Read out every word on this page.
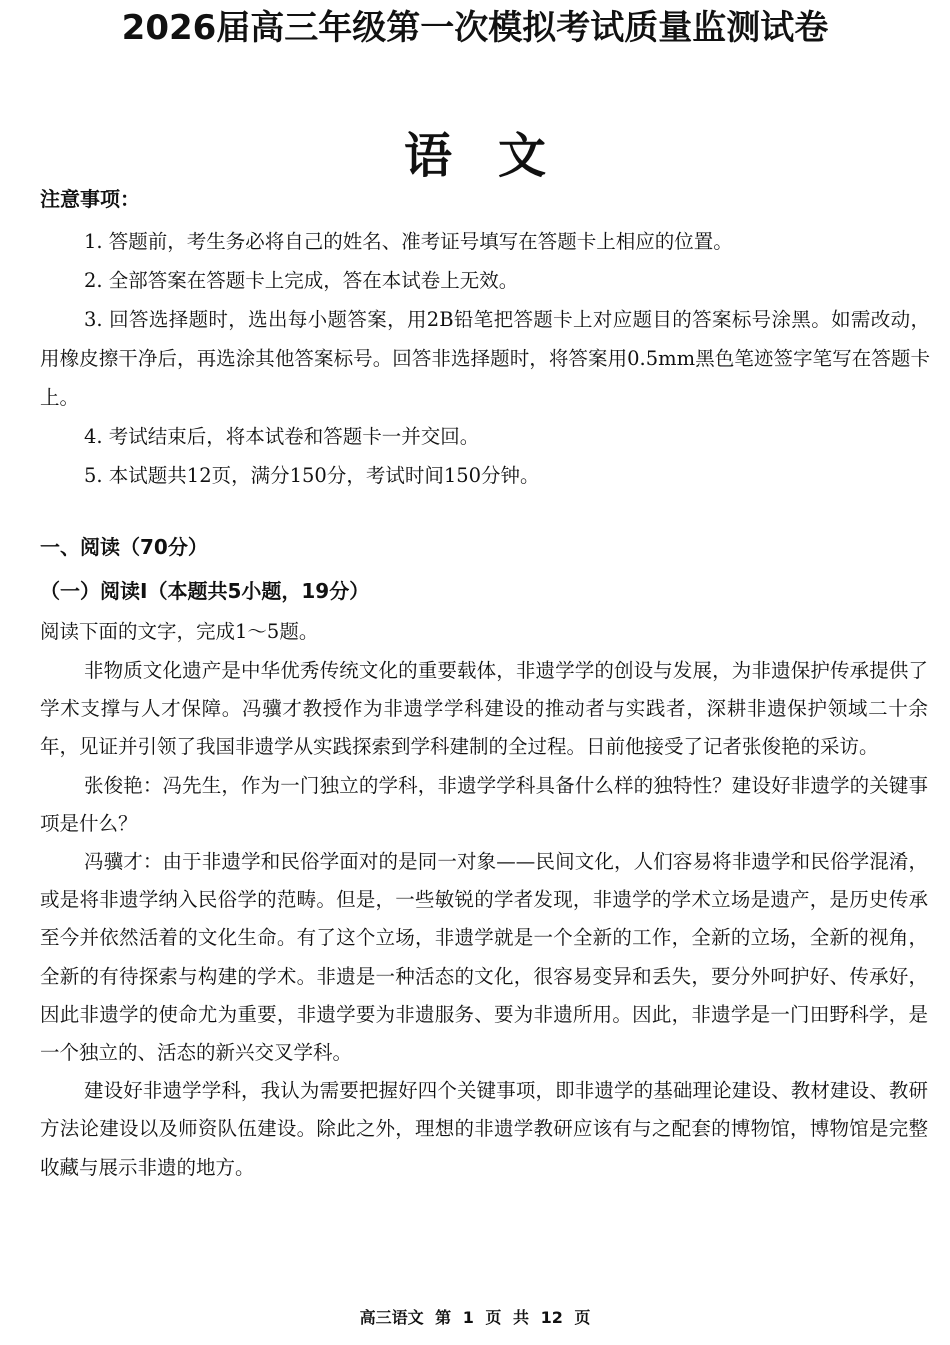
2026届高三年级第一次模拟考试质量监测试卷
语文
注意事项：

1. 答题前，考生务必将自己的姓名、准考证号填写在答题卡上相应的位置。

2. 全部答案在答题卡上完成，答在本试卷上无效。

3. 回答选择题时，选出每小题答案，用2B铅笔把答题卡上对应题目的答案标号涂黑。如需改动，用橡皮擦干净后，再选涂其他答案标号。回答非选择题时，将答案用0.5mm黑色笔迹签字笔写在答题卡上。

4. 考试结束后，将本试卷和答题卡一并交回。

5. 本试题共12页，满分150分，考试时间150分钟。

一、阅读（70分）
（一）阅读I（本题共5小题，19分）
阅读下面的文字，完成1～5题。

非物质文化遗产是中华优秀传统文化的重要载体，非遗学学的创设与发展，为非遗保护传承提供了学术支撑与人才保障。冯骥才教授作为非遗学学科建设的推动者与实践者，深耕非遗保护领域二十余年，见证并引领了我国非遗学从实践探索到学科建制的全过程。日前他接受了记者张俊艳的采访。

张俊艳：冯先生，作为一门独立的学科，非遗学学科具备什么样的独特性？建设好非遗学的关键事项是什么？

冯骥才：由于非遗学和民俗学面对的是同一对象——民间文化，人们容易将非遗学和民俗学混淆，或是将非遗学纳入民俗学的范畴。但是，一些敏锐的学者发现，非遗学的学术立场是遗产，是历史传承至今并依然活着的文化生命。有了这个立场，非遗学就是一个全新的工作，全新的立场，全新的视角，全新的有待探索与构建的学术。非遗是一种活态的文化，很容易变异和丢失，要分外呵护好、传承好，因此非遗学的使命尤为重要，非遗学要为非遗服务、要为非遗所用。因此，非遗学是一门田野科学，是一个独立的、活态的新兴交叉学科。

建设好非遗学学科，我认为需要把握好四个关键事项，即非遗学的基础理论建设、教材建设、教研方法论建设以及师资队伍建设。除此之外，理想的非遗学教研应该有与之配套的博物馆，博物馆是完整收藏与展示非遗的地方。

高三语文 第 1 页 共 12 页
